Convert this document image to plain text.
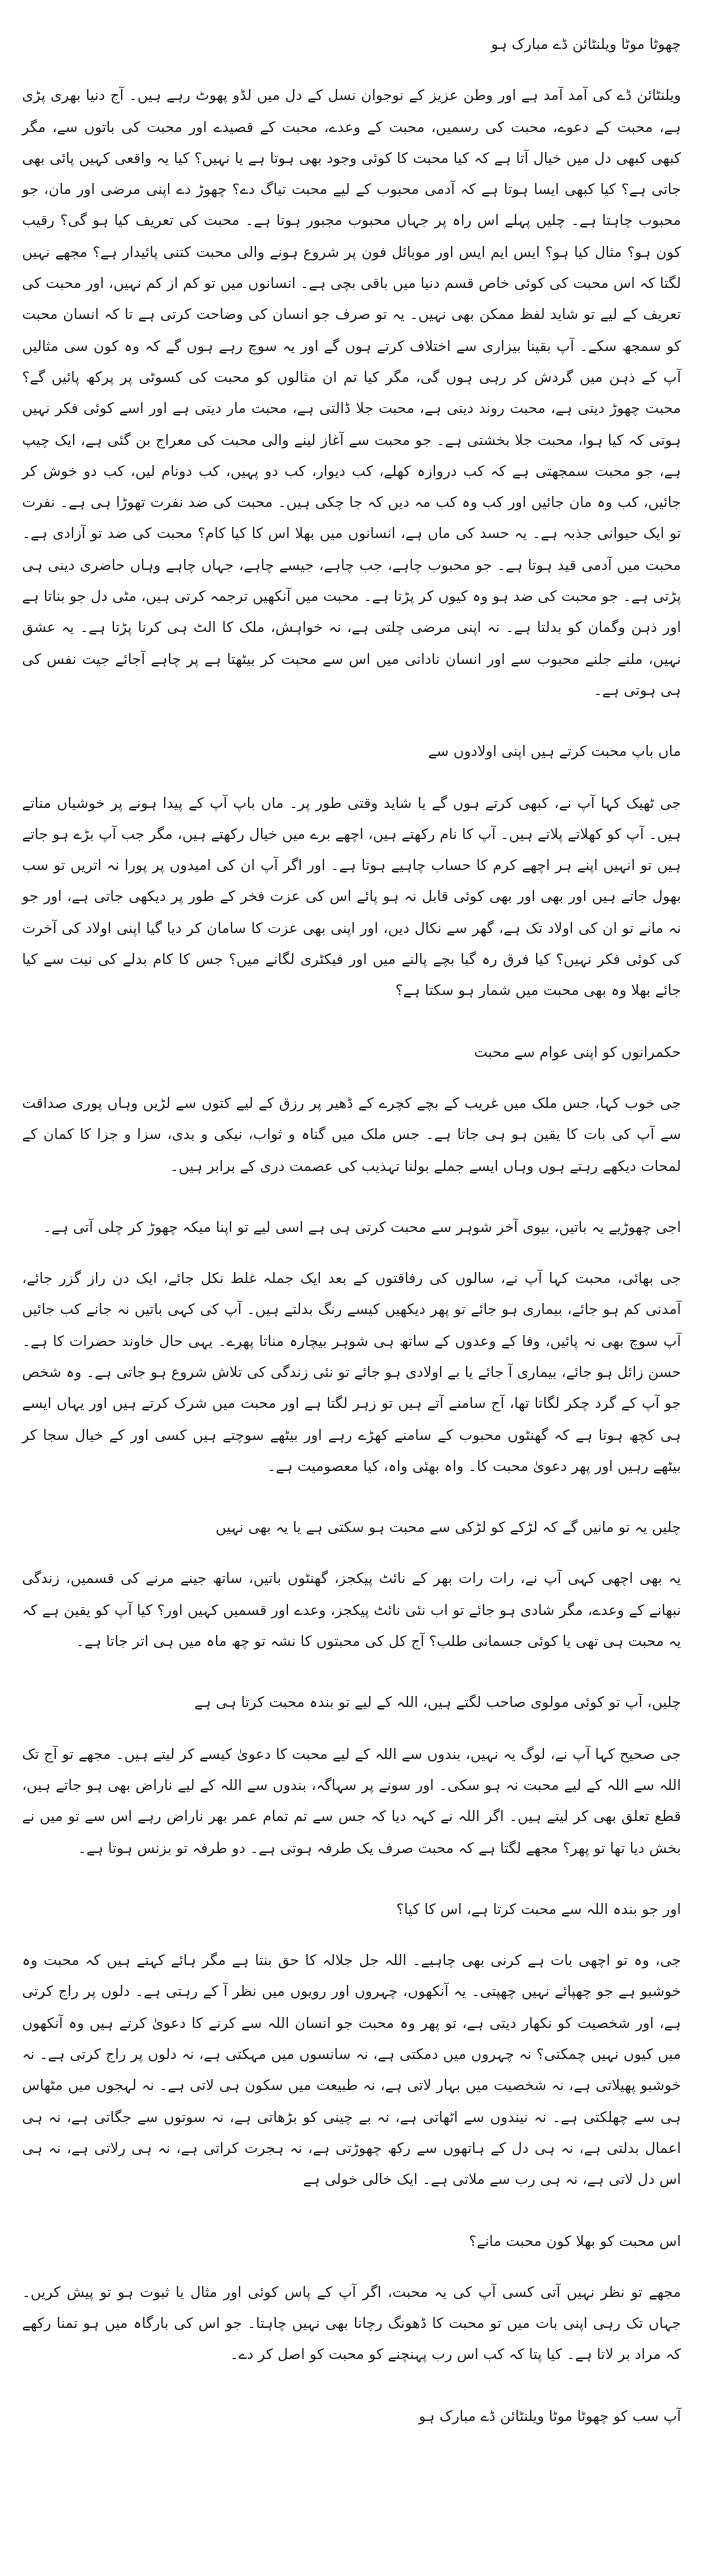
چھوٹا موٹا ویلنٹائن ڈے مبارک ہو

ویلنٹائن ڈے کی آمد آمد ہے اور وطن عزیز کے نوجوان نسل کے دل میں لڈو پھوٹ رہے ہیں۔ آج دنیا بھری پڑی ہے، محبت کے دعوے، محبت کی رسمیں، محبت کے وعدے، محبت کے قصیدے اور محبت کی باتوں سے، مگر کبھی کبھی دل میں خیال آتا ہے کہ کیا محبت کا کوئی وجود بھی ہوتا ہے یا نہیں؟ کیا یہ واقعی کہیں پائی بھی جاتی ہے؟ کیا کبھی ایسا ہوتا ہے کہ آدمی محبوب کے لیے محبت تیاگ دے؟ چھوڑ دے اپنی مرضی اور مان، جو محبوب چاہتا ہے۔ چلیں پہلے اس راہ پر جہاں محبوب مجبور ہوتا ہے۔ محبت کی تعریف کیا ہو گی؟ رقیب کون ہو؟ مثال کیا ہو؟ ایس ایم ایس اور موبائل فون پر شروع ہونے والی محبت کتنی پائیدار ہے؟ مجھے نہیں لگتا کہ اس محبت کی کوئی خاص قسم دنیا میں باقی بچی ہے۔ انسانوں میں تو کم از کم نہیں، اور محبت کی تعریف کے لیے تو شاید لفظ ممکن بھی نہیں۔ یہ تو صرف جو انسان کی وضاحت کرتی ہے تا کہ انسان محبت کو سمجھ سکے۔ آپ بقینا بیزاری سے اختلاف کرتے ہوں گے اور یہ سوچ رہے ہوں گے کہ وہ کون سی مثالیں آپ کے ذہن میں گردش کر رہی ہوں گی، مگر کیا تم ان مثالوں کو محبت کی کسوٹی پر پرکھ پائیں گے؟ محبت چھوڑ دیتی ہے، محبت روند دیتی ہے، محبت جلا ڈالتی ہے، محبت مار دیتی ہے اور اسے کوئی فکر نہیں ہوتی کہ کیا ہوا، محبت جلا بخشتی ہے۔ جو محبت سے آغاز لینے والی محبت کی معراج بن گئی ہے، ایک چیپ ہے، جو محبت سمجھتی ہے کہ کب دروازہ کھلے، کب دیوار، کب دو پہیں، کب دونام لیں، کب دو خوش کر جائیں، کب وہ مان جائیں اور کب وہ کب مہ دیں کہ جا چکی ہیں۔ محبت کی ضد نفرت تھوڑا ہی ہے۔ نفرت تو ایک حیوانی جذبہ ہے۔ یہ حسد کی ماں ہے، انسانوں میں بھلا اس کا کیا کام؟ محبت کی ضد تو آزادی ہے۔ محبت میں آدمی قید ہوتا ہے۔ جو محبوب چاہے، جب چاہے، جیسے چاہے، جہاں چاہے وہاں حاضری دینی ہی پڑتی ہے۔ جو محبت کی ضد ہو وہ کیوں کر پڑتا ہے۔ محبت میں آنکھیں ترجمہ کرتی ہیں، مٹی دل جو بناتا ہے اور ذہن وگمان کو بدلتا ہے۔ نہ اپنی مرضی چلتی ہے، نہ خواہش، ملک کا الٹ ہی کرنا پڑتا ہے۔ یہ عشق نہیں، ملنے جلنے محبوب سے اور انسان نادانی میں اس سے محبت کر بیٹھتا ہے پر چاہے آجائے جیت نفس کی ہی ہوتی ہے۔

ماں باپ محبت کرتے ہیں اپنی اولادوں سے

جی ٹھیک کہا آپ نے، کبھی کرتے ہوں گے یا شاید وقتی طور پر۔ ماں باپ آپ کے پیدا ہونے پر خوشیاں مناتے ہیں۔ آپ کو کھلاتے پلاتے ہیں۔ آپ کا نام رکھتے ہیں، اچھے برے میں خیال رکھتے ہیں، مگر جب آپ بڑے ہو جاتے ہیں تو انہیں اپنے ہر اچھے کرم کا حساب چاہیے ہوتا ہے۔ اور اگر آپ ان کی امیدوں پر پورا نہ اتریں تو سب بھول جاتے ہیں اور بھی اور بھی کوئی قابل نہ ہو پائے اس کی عزت فخر کے طور پر دیکھی جاتی ہے، اور جو نہ مانے تو ان کی اولاد تک ہے، گھر سے نکال دیں، اور اپنی بھی عزت کا سامان کر دیا گیا اپنی اولاد کی آخرت کی کوئی فکر نہیں؟ کیا فرق رہ گیا بچے پالنے میں اور فیکٹری لگانے میں؟ جس کا کام بدلے کی نیت سے کیا جائے بھلا وہ بھی محبت میں شمار ہو سکتا ہے؟

حکمرانوں کو اپنی عوام سے محبت

جی خوب کہا، جس ملک میں غریب کے بچے کچرے کے ڈھیر پر رزق کے لیے کتوں سے لڑیں وہاں پوری صداقت سے آپ کی بات کا یقین ہو ہی جاتا ہے۔ جس ملک میں گناہ و ثواب، نیکی و بدی، سزا و جزا کا کمان کے لمحات دیکھے رہتے ہوں وہاں ایسے جملے بولنا تہذیب کی عصمت دری کے برابر ہیں۔

اجی چھوڑیے یہ باتیں، بیوی آخر شوہر سے محبت کرتی ہی ہے اسی لیے تو اپنا میکہ چھوڑ کر چلی آتی ہے۔

جی بھائی، محبت کہا آپ نے، سالوں کی رفاقتوں کے بعد ایک جملہ غلط نکل جائے، ایک دن راز گزر جائے، آمدنی کم ہو جائے، بیماری ہو جائے تو پھر دیکھیں کیسے رنگ بدلتے ہیں۔ آپ کی کہی باتیں نہ جانے کب جائیں آپ سوچ بھی نہ پائیں، وفا کے وعدوں کے ساتھ ہی شوہر بیچارہ مناتا پھرے۔ یہی حال خاوند حضرات کا ہے۔ حسن زائل ہو جائے، بیماری آ جائے یا بے اولادی ہو جائے تو نئی زندگی کی تلاش شروع ہو جاتی ہے۔ وہ شخص جو آپ کے گرد چکر لگاتا تھا، آج سامنے آتے ہیں تو زہر لگتا ہے اور محبت میں شرک کرتے ہیں اور یہاں ایسے ہی کچھ ہوتا ہے کہ گھنٹوں محبوب کے سامنے کھڑے رہے اور بیٹھے سوچتے ہیں کسی اور کے خیال سجا کر بیٹھے رہیں اور پھر دعویٰ محبت کا۔ واہ بھئی واہ، کیا معصومیت ہے۔

چلیں یہ تو مانیں گے کہ لڑکے کو لڑکی سے محبت ہو سکتی ہے یا یہ بھی نہیں

یہ بھی اچھی کہی آپ نے، رات رات بھر کے نائٹ پیکجز، گھنٹوں باتیں، ساتھ جینے مرنے کی قسمیں، زندگی نبھانے کے وعدے، مگر شادی ہو جائے تو اب نئی نائٹ پیکجز، وعدے اور قسمیں کہیں اور؟ کیا آپ کو یقین ہے کہ یہ محبت ہی تھی یا کوئی جسمانی طلب؟ آج کل کی محبتوں کا نشہ تو چھ ماہ میں ہی اتر جاتا ہے۔

چلیں، آپ تو کوئی مولوی صاحب لگتے ہیں، اللہ کے لیے تو بندہ محبت کرتا ہی ہے

جی صحیح کہا آپ نے، لوگ یہ نہیں، بندوں سے اللہ کے لیے محبت کا دعویٰ کیسے کر لیتے ہیں۔ مجھے تو آج تک اللہ سے اللہ کے لیے محبت نہ ہو سکی۔ اور سونے پر سہاگہ، بندوں سے اللہ کے لیے ناراض بھی ہو جاتے ہیں، قطع تعلق بھی کر لیتے ہیں۔ اگر اللہ نے کہہ دیا کہ جس سے تم تمام عمر بھر ناراض رہے اس سے تو میں نے بخش دیا تھا تو پھر؟ مجھے لگتا ہے کہ محبت صرف یک طرفہ ہوتی ہے۔ دو طرفہ تو بزنس ہوتا ہے۔

اور جو بندہ اللہ سے محبت کرتا ہے، اس کا کیا؟

جی، وہ تو اچھی بات ہے کرنی بھی چاہیے۔ اللہ جل جلالہ کا حق بنتا ہے مگر ہائے کہتے ہیں کہ محبت وہ خوشبو ہے جو چھپائے نہیں چھپتی۔ یہ آنکھوں، چہروں اور رویوں میں نظر آ کے رہتی ہے۔ دلوں پر راج کرتی ہے، اور شخصیت کو نکھار دیتی ہے، تو پھر وہ محبت جو انسان اللہ سے کرنے کا دعویٰ کرتے ہیں وہ آنکھوں میں کیوں نہیں چمکتی؟ نہ چہروں میں دمکتی ہے، نہ سانسوں میں مہکتی ہے، نہ دلوں پر راج کرتی ہے۔ نہ خوشبو پھیلاتی ہے، نہ شخصیت میں بہار لاتی ہے، نہ طبیعت میں سکون ہی لاتی ہے۔ نہ لہجوں میں مٹھاس ہی سے چھلکتی ہے۔ نہ نیندوں سے اٹھاتی ہے، نہ بے چینی کو بڑھاتی ہے، نہ سوتوں سے جگاتی ہے، نہ ہی اعمال بدلتی ہے، نہ ہی دل کے ہاتھوں سے رکھ چھوڑتی ہے، نہ ہجرت کراتی ہے، نہ ہی رلاتی ہے، نہ ہی اس دل لاتی ہے، نہ ہی رب سے ملاتی ہے۔ ایک خالی خولی ہے

اس محبت کو بھلا کون محبت مانے؟

مجھے تو نظر نہیں آتی کسی آپ کی یہ محبت، اگر آپ کے پاس کوئی اور مثال یا ثبوت ہو تو پیش کریں۔ جہاں تک رہی اپنی بات میں تو محبت کا ڈھونگ رچانا بھی نہیں چاہتا۔ جو اس کی بارگاہ میں ہو تمنا رکھے کہ مراد بر لاتا ہے۔ کیا پتا کہ کب اس رب پہنچنے کو محبت کو اصل کر دے۔

آپ سب کو چھوٹا موٹا ویلنٹائن ڈے مبارک ہو
